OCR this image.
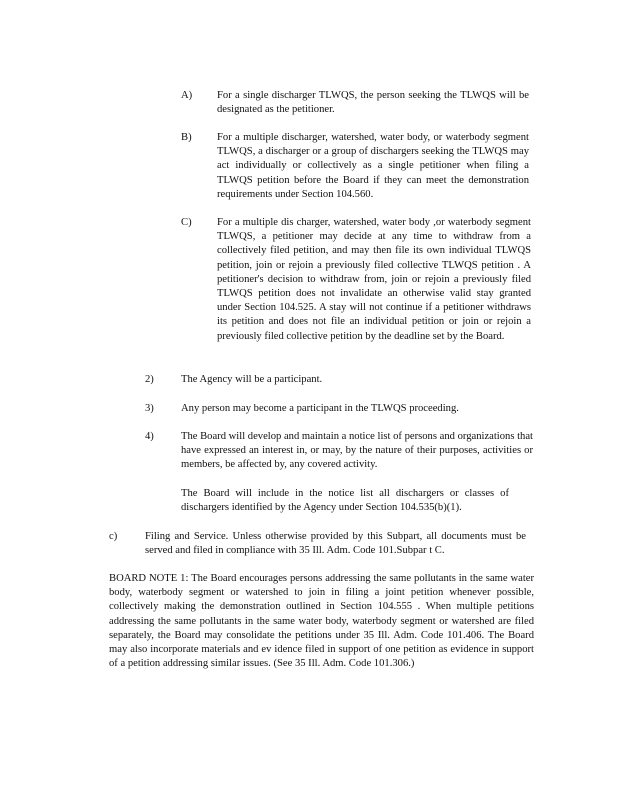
A) For a single discharger TLWQS, the person seeking the TLWQS will be designated as the petitioner.
B) For a multiple discharger, watershed, water body, or waterbody segment TLWQS, a discharger or a group of dischargers seeking the TLWQS may act individually or collectively as a single petitioner when filing a TLWQS petition before the Board if they can meet the demonstration requirements under Section 104.560.
C) For a multiple dis charger, watershed, water body ,or waterbody segment TLWQS, a petitioner may decide at any time to withdraw from a collectively filed petition, and may then file its own individual TLWQS petition, join or rejoin a previously filed collective TLWQS petition . A petitioner's decision to withdraw from, join or rejoin a previously filed TLWQS petition does not invalidate an otherwise valid stay granted under Section 104.525. A stay will not continue if a petitioner withdraws its petition and does not file an individual petition or join or rejoin a previously filed collective petition by the deadline set by the Board.
2)	The Agency will be a participant.
3)	Any person may become a participant in the TLWQS proceeding.
4)	The Board will develop and maintain a notice list of persons and organizations that have expressed an interest in, or may, by the nature of their purposes, activities or members, be affected by, any covered activity.
The Board will include in the notice list all dischargers or classes of dischargers identified by the Agency under Section 104.535(b)(1).
c)	Filing and Service. Unless otherwise provided by this Subpart, all documents must be served and filed in compliance with 35 Ill. Adm. Code 101.Subpar t C.
BOARD NOTE 1: The Board encourages persons addressing the same pollutants in the same water body, waterbody segment or watershed to join in filing a joint petition whenever possible, collectively making the demonstration outlined in Section 104.555 . When multiple petitions addressing the same pollutants in the same water body, waterbody segment or watershed are filed separately, the Board may consolidate the petitions under 35 Ill. Adm. Code 101.406. The Board may also incorporate materials and ev idence filed in support of one petition as evidence in support of a petition addressing similar issues. (See 35 Ill. Adm. Code 101.306.)
